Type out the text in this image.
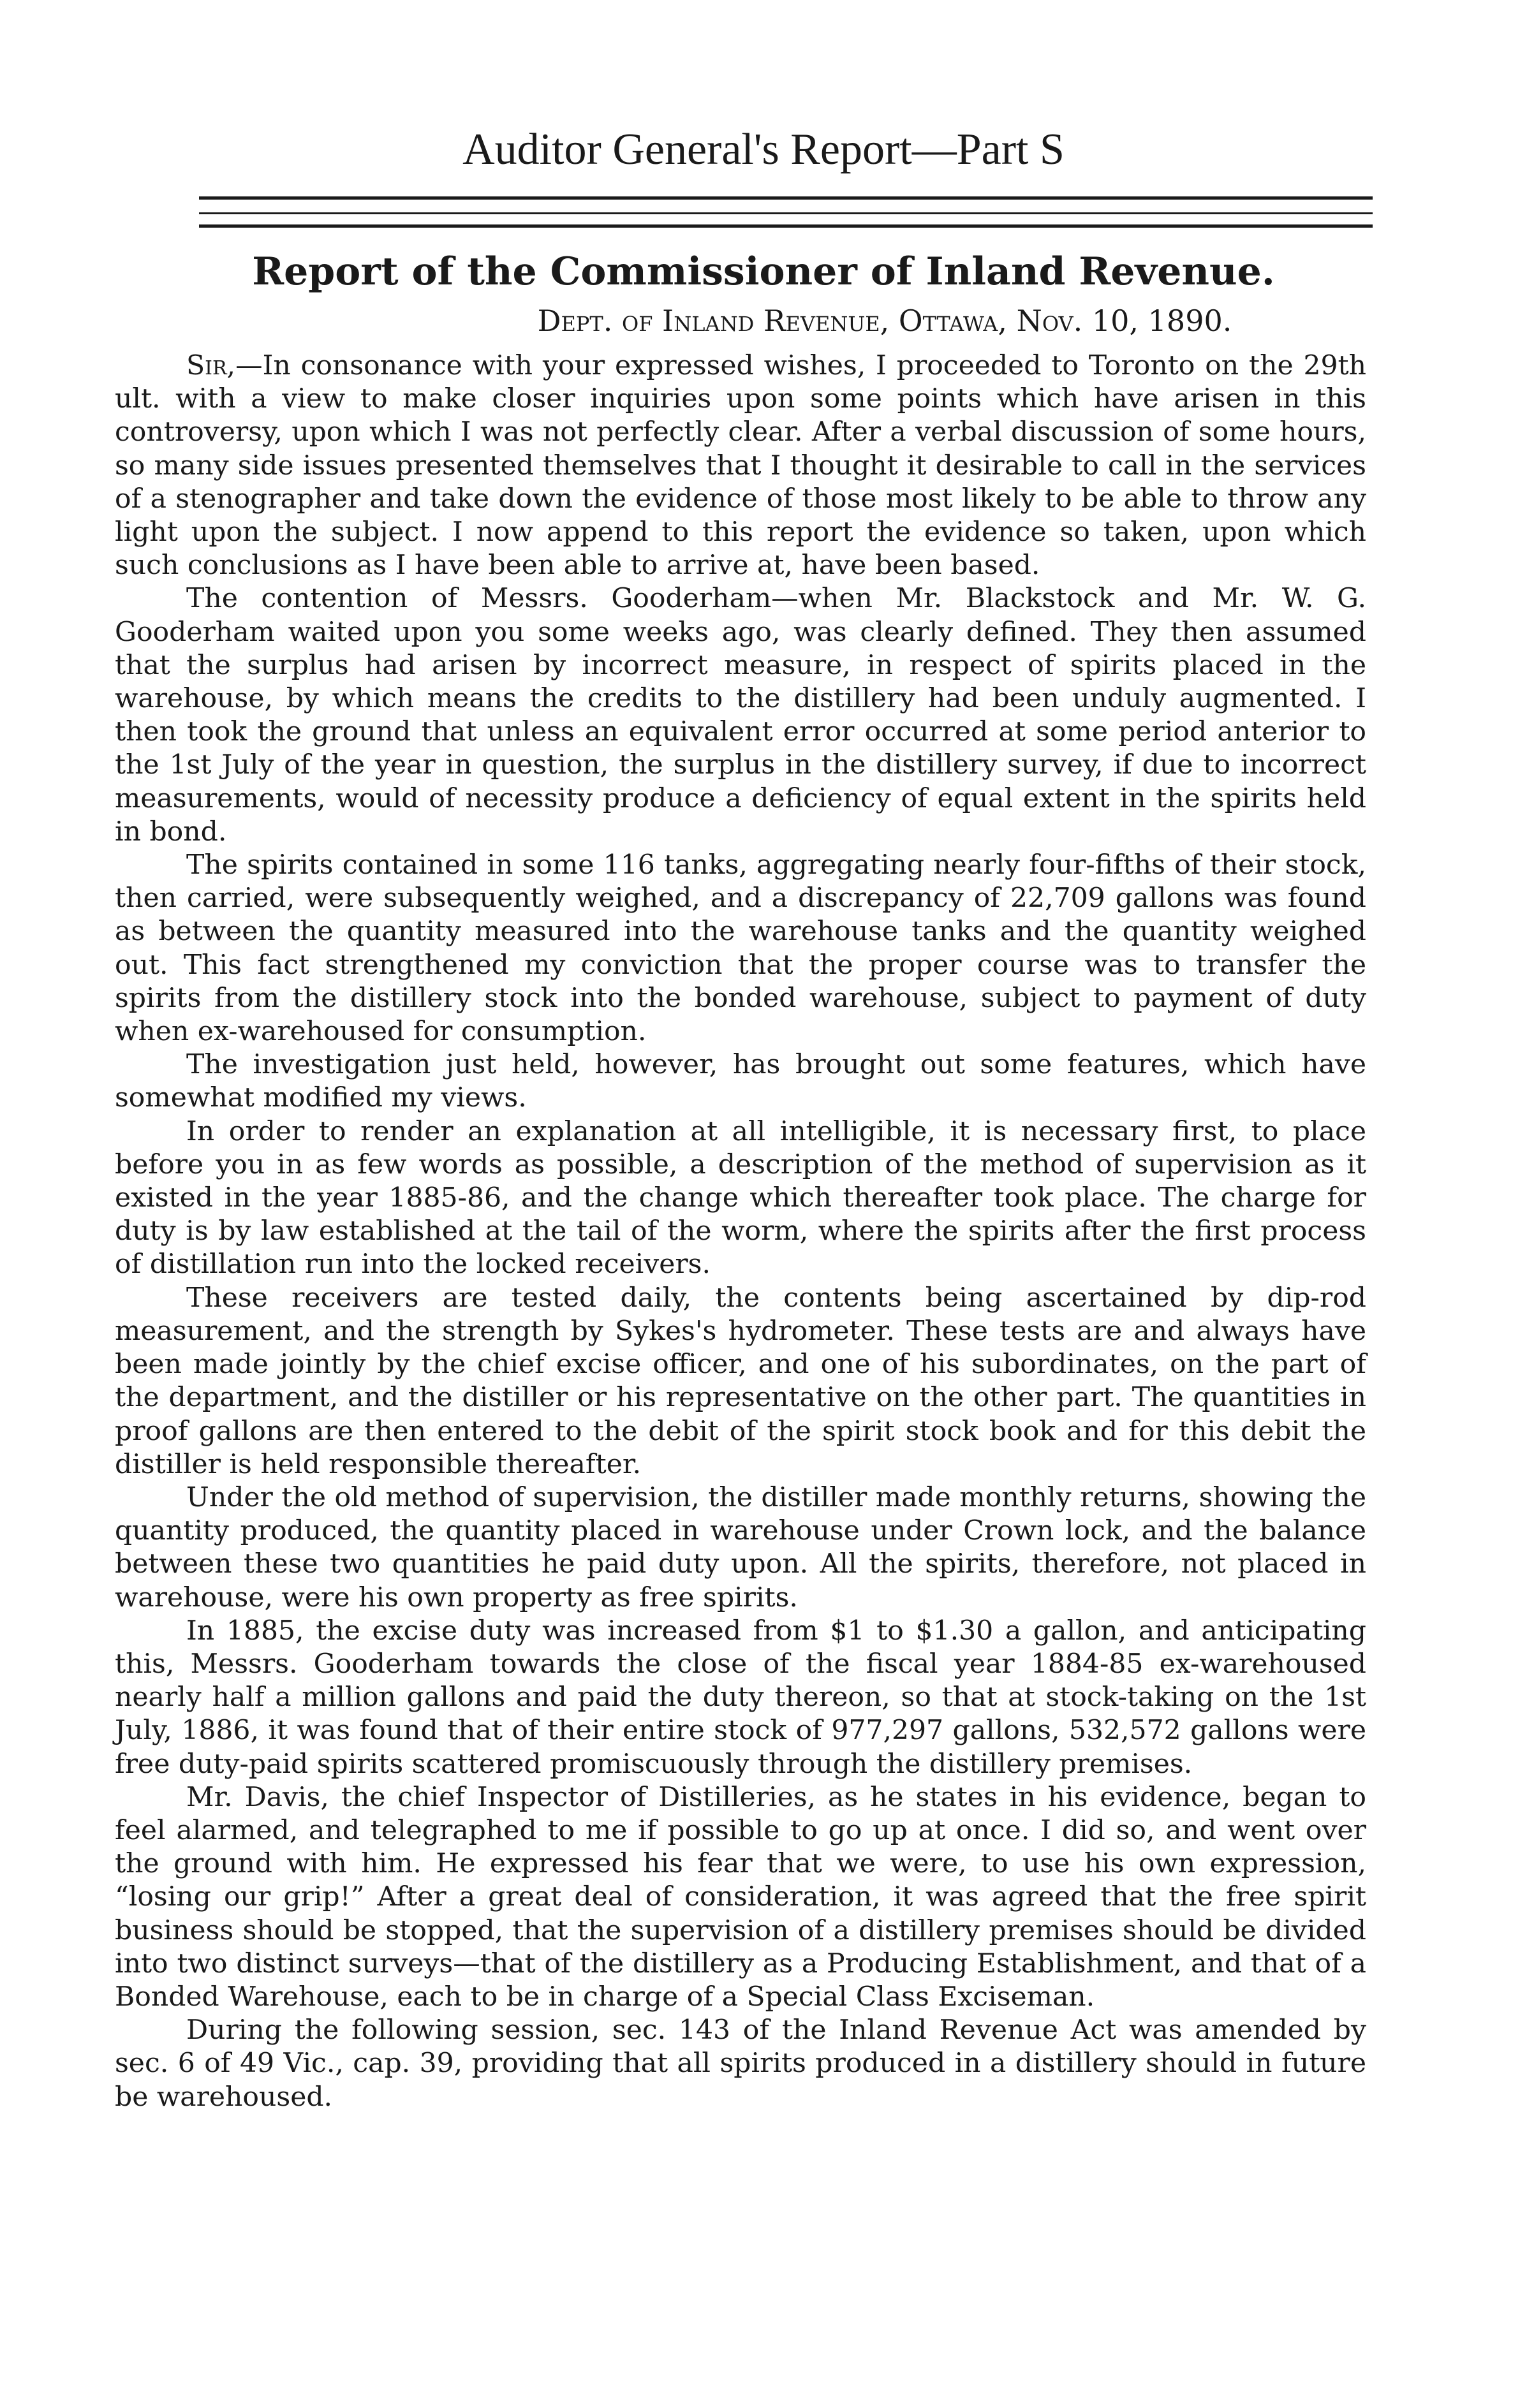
Auditor General's Report—Part S
Report of the Commissioner of Inland Revenue.
Dept. of Inland Revenue, Ottawa, Nov. 10, 1890.

Sir,—In consonance with your expressed wishes, I proceeded to Toronto on the 29th ult. with a view to make closer inquiries upon some points which have arisen in this controversy, upon which I was not perfectly clear. After a verbal discussion of some hours, so many side issues presented themselves that I thought it desirable to call in the services of a stenographer and take down the evidence of those most likely to be able to throw any light upon the subject. I now append to this report the evidence so taken, upon which such conclusions as I have been able to arrive at, have been based.

The contention of Messrs. Gooderham—when Mr. Blackstock and Mr. W. G. Gooderham waited upon you some weeks ago, was clearly defined. They then assumed that the surplus had arisen by incorrect measure, in respect of spirits placed in the warehouse, by which means the credits to the distillery had been unduly augmented. I then took the ground that unless an equivalent error occurred at some period anterior to the 1st July of the year in question, the surplus in the distillery survey, if due to incorrect measurements, would of necessity produce a deficiency of equal extent in the spirits held in bond.

The spirits contained in some 116 tanks, aggregating nearly four-fifths of their stock, then carried, were subsequently weighed, and a discrepancy of 22,709 gallons was found as between the quantity measured into the warehouse tanks and the quantity weighed out. This fact strengthened my conviction that the proper course was to transfer the spirits from the distillery stock into the bonded warehouse, subject to payment of duty when ex-warehoused for consumption.

The investigation just held, however, has brought out some features, which have somewhat modified my views.

In order to render an explanation at all intelligible, it is necessary first, to place before you in as few words as possible, a description of the method of supervision as it existed in the year 1885-86, and the change which thereafter took place. The charge for duty is by law established at the tail of the worm, where the spirits after the first process of distillation run into the locked receivers.

These receivers are tested daily, the contents being ascertained by dip-rod measurement, and the strength by Sykes's hydrometer. These tests are and always have been made jointly by the chief excise officer, and one of his subordinates, on the part of the department, and the distiller or his representative on the other part. The quantities in proof gallons are then entered to the debit of the spirit stock book and for this debit the distiller is held responsible thereafter.

Under the old method of supervision, the distiller made monthly returns, showing the quantity produced, the quantity placed in warehouse under Crown lock, and the balance between these two quantities he paid duty upon. All the spirits, therefore, not placed in warehouse, were his own property as free spirits.

In 1885, the excise duty was increased from $1 to $1.30 a gallon, and anticipating this, Messrs. Gooderham towards the close of the fiscal year 1884-85 ex-warehoused nearly half a million gallons and paid the duty thereon, so that at stock-taking on the 1st July, 1886, it was found that of their entire stock of 977,297 gallons, 532,572 gallons were free duty-paid spirits scattered promiscuously through the distillery premises.

Mr. Davis, the chief Inspector of Distilleries, as he states in his evidence, began to feel alarmed, and telegraphed to me if possible to go up at once. I did so, and went over the ground with him. He expressed his fear that we were, to use his own expression, “losing our grip!” After a great deal of consideration, it was agreed that the free spirit business should be stopped, that the supervision of a distillery premises should be divided into two distinct surveys—that of the distillery as a Producing Establishment, and that of a Bonded Warehouse, each to be in charge of a Special Class Exciseman.

During the following session, sec. 143 of the Inland Revenue Act was amended by sec. 6 of 49 Vic., cap. 39, providing that all spirits produced in a distillery should in future be warehoused.
